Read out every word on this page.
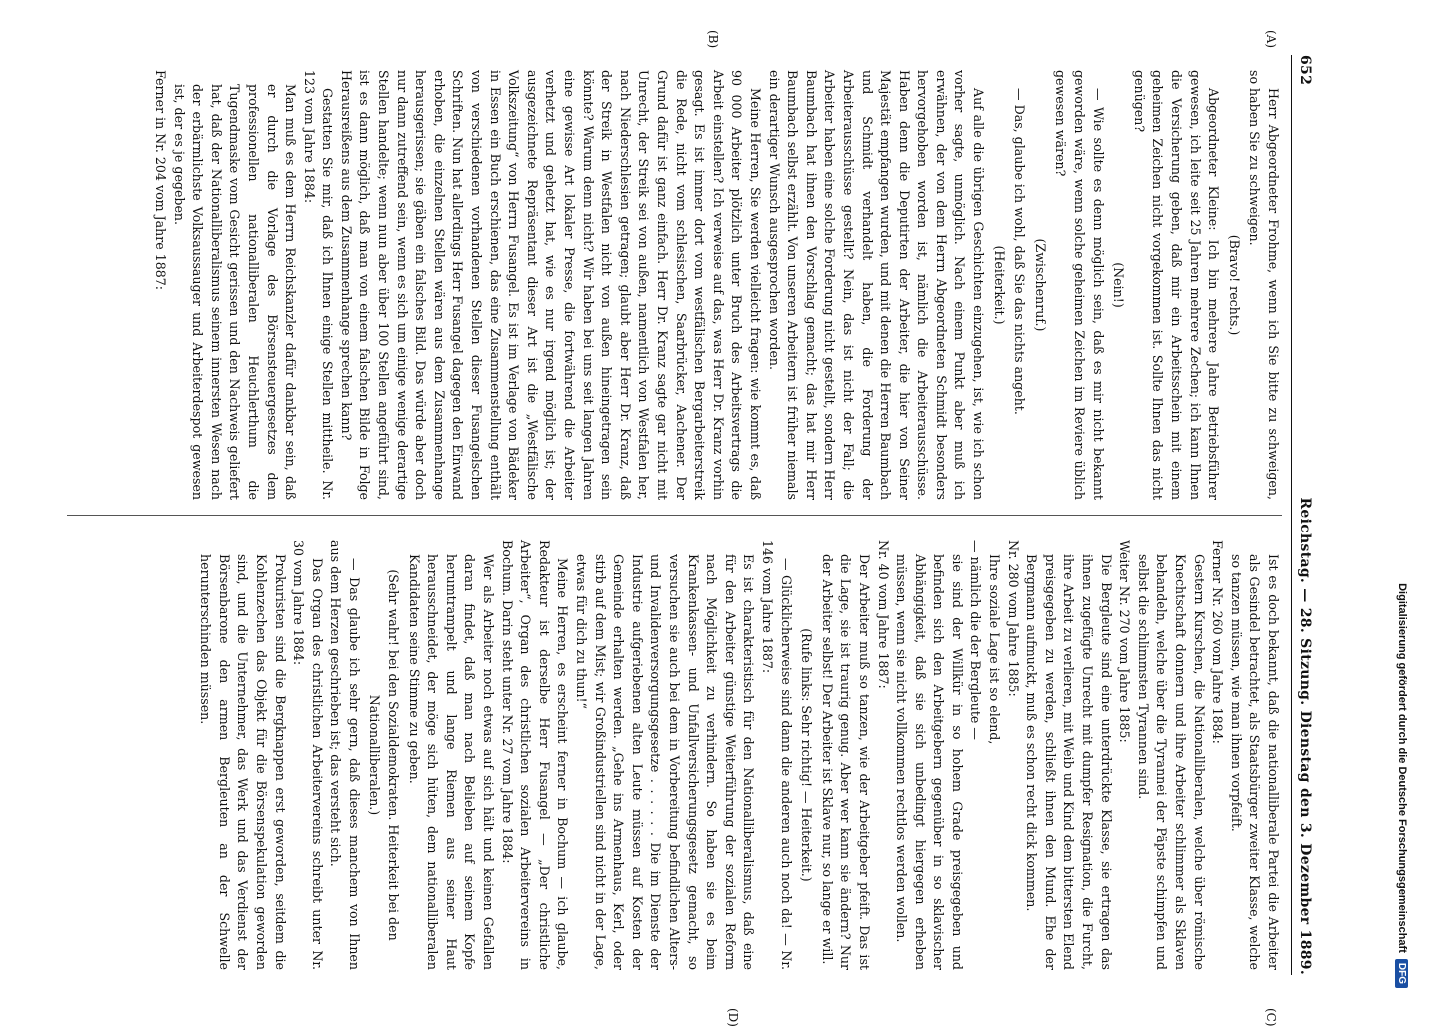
652
Reichstag. — 28. Sitzung. Dienstag den 3. Dezember 1889.
(A)
(B)
(C)
(D)

Herr Abgeordneter Frohme, wenn ich Sie bitte zu schweigen, so haben Sie zu schweigen.

(Bravo! rechts.)

Abgeordneter Kleine: Ich bin mehrere Jahre Betriebsführer gewesen, ich leite seit 25 Jahren mehrere Zechen; ich kann Ihnen die Versicherung geben, daß mir ein Arbeitsschein mit einem geheimen Zeichen nicht vorgekommen ist. Sollte Ihnen das nicht genügen?

(Nein!)

— Wie sollte es denn möglich sein, daß es mir nicht bekannt geworden wäre, wenn solche geheimen Zeichen im Reviere üblich gewesen wären?

(Zwischenruf.)

— Das, glaube ich wohl, daß Sie das nichts angeht.

(Heiterkeit.)

Auf alle die übrigen Geschichten einzugehen, ist, wie ich schon vorher sagte, unmöglich. Nach einem Punkt aber muß ich erwähnen, der von dem Herrn Abgeordneten Schmidt besonders hervorgehoben worden ist, nämlich die Arbeiterausschüsse. Haben denn die Deputirten der Arbeiter, die hier von Seiner Majestät empfangen wurden, und mit denen die Herren Baumbach und Schmidt verhandelt haben, die Forderung der Arbeiterausschüsse gestellt? Nein, das ist nicht der Fall; die Arbeiter haben eine solche Forderung nicht gestellt, sondern Herr Baumbach hat ihnen den Vorschlag gemacht; das hat mir Herr Baumbach selbst erzählt. Von unseren Arbeitern ist früher niemals ein derartiger Wunsch ausgesprochen worden.

Meine Herren, Sie werden vielleicht fragen: wie kommt es, daß 90 000 Arbeiter plötzlich unter Bruch des Arbeitsvertrags die Arbeit einstellen? Ich verweise auf das, was Herr Dr. Kranz vorhin gesagt. Es ist immer dort vom westfälischen Bergarbeiterstreik die Rede, nicht vom schlesischen, Saarbrücker, Aachener. Der Grund dafür ist ganz einfach. Herr Dr. Kranz sagte gar nicht mit Unrecht, der Streik sei von außen, namentlich von Westfalen her, nach Niederschlesien getragen; glaubt aber Herr Dr. Kranz, daß der Streik in Westfalen nicht von außen hineingetragen sein könnte? Warum denn nicht? Wir haben bei uns seit langen Jahren eine gewisse Art lokaler Presse, die fortwährend die Arbeiter verhetzt und gehetzt hat, wie es nur irgend möglich ist; der ausgezeichnete Repräsentant dieser Art ist die „Westfälische Volkszeitung“ von Herrn Fusangel. Es ist im Verlage von Bädeker in Essen ein Buch erschienen, das eine Zusammenstellung enthält von verschiedenen vorhandenen Stellen dieser Fusangelschen Schriften. Nun hat allerdings Herr Fusangel dagegen den Einwand erhoben, die einzelnen Stellen wären aus dem Zusammenhange herausgerissen; sie gäben ein falsches Bild. Das würde aber doch nur dann zutreffend sein, wenn es sich um einige wenige derartige Stellen handelte; wenn nun aber über 100 Stellen angeführt sind, ist es dann möglich, daß man von einem falschen Bilde in Folge Herausreißens aus dem Zusammenhange sprechen kann?

Gestatten Sie mir, daß ich Ihnen einige Stellen mittheile. Nr. 123 vom Jahre 1884:

Man muß es dem Herrn Reichskanzler dafür dankbar sein, daß er durch die Vorlage des Börsensteuergesetzes dem professionellen nationalliberalen Heuchlerthum die Tugendmaske vom Gesicht gerissen und den Nachweis geliefert hat, daß der Nationalliberalismus seinem innersten Wesen nach der erbärmlichste Volksaussauger und Arbeiterdespot gewesen ist, der es je gegeben.

Ferner in Nr. 204 vom Jahre 1887:

Ist es doch bekannt, daß die nationalliberale Partei die Arbeiter als Gesindel betrachtet, als Staatsbürger zweiter Klasse, welche so tanzen müssen, wie man ihnen vorpfeift.

Ferner Nr. 260 vom Jahre 1884:

Gestern Kurschen, die Nationalliberalen, welche über römische Knechtschaft donnern und ihre Arbeiter schlimmer als Sklaven behandeln, welche über die Tyrannei der Päpste schimpfen und selbst die schlimmsten Tyrannen sind.

Weiter Nr. 270 vom Jahre 1885:

Die Bergleute sind eine unterdrückte Klasse, sie ertragen das ihnen zugefügte Unrecht mit dumpfer Resignation, die Furcht, ihre Arbeit zu verlieren, mit Weib und Kind dem bittersten Elend preisgegeben zu werden, schließt ihnen den Mund. Ehe der Bergmann aufmuckt, muß es schon recht dick kommen.

Nr. 280 vom Jahre 1885:

Ihre soziale Lage ist so elend,

— nämlich die der Bergleute —

sie sind der Willkür in so hohem Grade preisgegeben und befinden sich den Arbeitgebern gegenüber in so sklavischer Abhängigkeit, daß sie sich unbedingt hiergegen erheben müssen, wenn sie nicht vollkommen rechtlos werden wollen.

Nr. 40 vom Jahre 1887:

Der Arbeiter muß so tanzen, wie der Arbeitgeber pfeift. Das ist die Lage, sie ist traurig genug. Aber wer kann sie ändern? Nur der Arbeiter selbst! Der Arbeiter ist Sklave nur, so lange er will.

(Rufe links: Sehr richtig! — Heiterkeit.)

— Glücklicherweise sind dann die anderen auch noch da! — Nr. 146 vom Jahre 1887:

Es ist charakteristisch für den Nationalliberalismus, daß eine für den Arbeiter günstige Weiterführung der sozialen Reform nach Möglichkeit zu verhindern. So haben sie es beim Krankenkassen- und Unfallversicherungsgesetz gemacht, so versuchen sie auch bei dem in Vorbereitung befindlichen Alters- und Invalidenversorgungsgesetze . . . . . . Die im Dienste der Industrie aufgeriebenen alten Leute müssen auf Kosten der Gemeinde erhalten werden. „Gehe ins Armenhaus, Kerl, oder stirb auf dem Mist; wir Großindustriellen sind nicht in der Lage, etwas für dich zu thun!“

Meine Herren, es erscheint ferner in Bochum — ich glaube, Redakteur ist derselbe Herr Fusangel — „Der christliche Arbeiter“, Organ des christlichen sozialen Arbeitervereins in Bochum. Darin steht unter Nr. 27 vom Jahre 1884:

Wer als Arbeiter noch etwas auf sich hält und keinen Gefallen daran findet, daß man nach Belieben auf seinem Kopfe herumtrampelt und lange Riemen aus seiner Haut herausschneidet, der möge sich hüten, dem nationalliberalen Kandidaten seine Stimme zu geben.

(Sehr wahr! bei den Sozialdemokraten. Heiterkeit bei den Nationalliberalen.)

— Das glaube ich sehr gern, daß dieses manchem von Ihnen aus dem Herzen geschrieben ist; das versteht sich.

Das Organ des christlichen Arbeitervereins schreibt unter Nr. 30 vom Jahre 1884:

Prokuristen sind die Bergknappen erst geworden, seitdem die Kohlenzechen das Objekt für die Börsenspekulation geworden sind, und die Unternehmer, das Werk und das Verdienst der Börsenbarone den armen Bergleuten an der Schwelle herunterschinden müssen.	Digitalisierung gefördert durch die Deutsche Forschungsgemeinschaft
DFG
